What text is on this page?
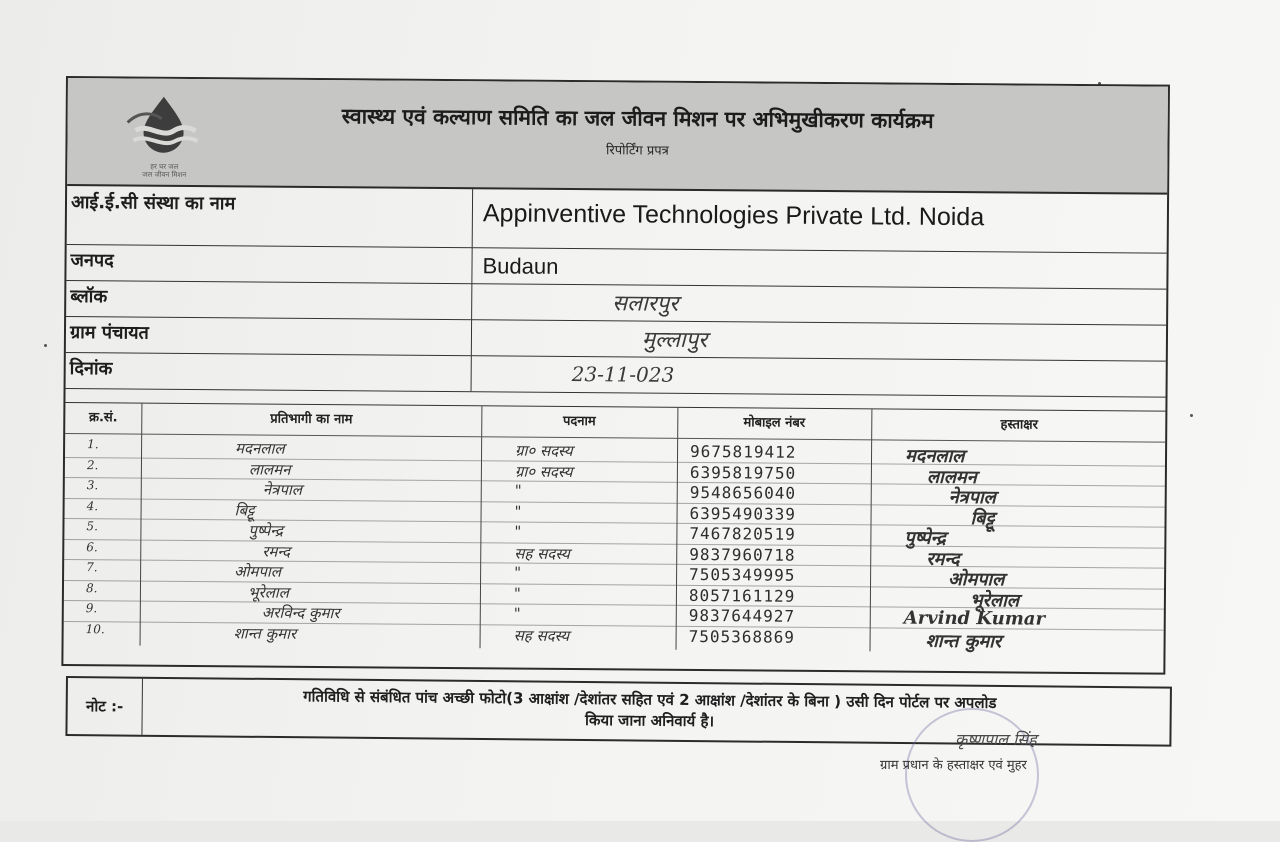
हर घर जल
जल जीवन मिशन
स्वास्थ्य एवं कल्याण समिति का जल जीवन मिशन पर अभिमुखीकरण कार्यक्रम
रिपोर्टिंग प्रपत्र
आई.ई.सी संस्था का नाम	Appinventive Technologies Private Ltd. Noida
जनपद	Budaun
ब्लॉक	सलारपुर
ग्राम पंचायत	मुल्लापुर
दिनांक	23-11-023
क्र.सं.	प्रतिभागी का नाम	पदनाम	मोबाइल नंबर	हस्ताक्षर
1.	मदनलाल	ग्रा० सदस्य	9675819412	मदनलाल
2.	लालमन	ग्रा० सदस्य	6395819750	लालमन
3.	नेत्रपाल	"	9548656040	नेत्रपाल
4.	बिट्टू	"	6395490339	बिट्टू
5.	पुष्पेन्द्र	"	7467820519	पुष्पेन्द्र
6.	रमन्द	सह सदस्य	9837960718	रमन्द
7.	ओमपाल	"	7505349995	ओमपाल
8.	भूरेलाल	"	8057161129	भूरेलाल
9.	अरविन्द कुमार	"	9837644927	Arvind Kumar
10.	शान्त कुमार	सह सदस्य	7505368869	शान्त कुमार
नोट :-	गतिविधि से संबंधित पांच अच्छी फोटो(3 आक्षांश /देशांतर सहित एवं 2 आक्षांश /देशांतर के बिना ) उसी दिन पोर्टल पर अपलोड
किया जाना अनिवार्य है।
कृष्णपाल सिंह
ग्राम प्रधान के हस्ताक्षर एवं मुहर
